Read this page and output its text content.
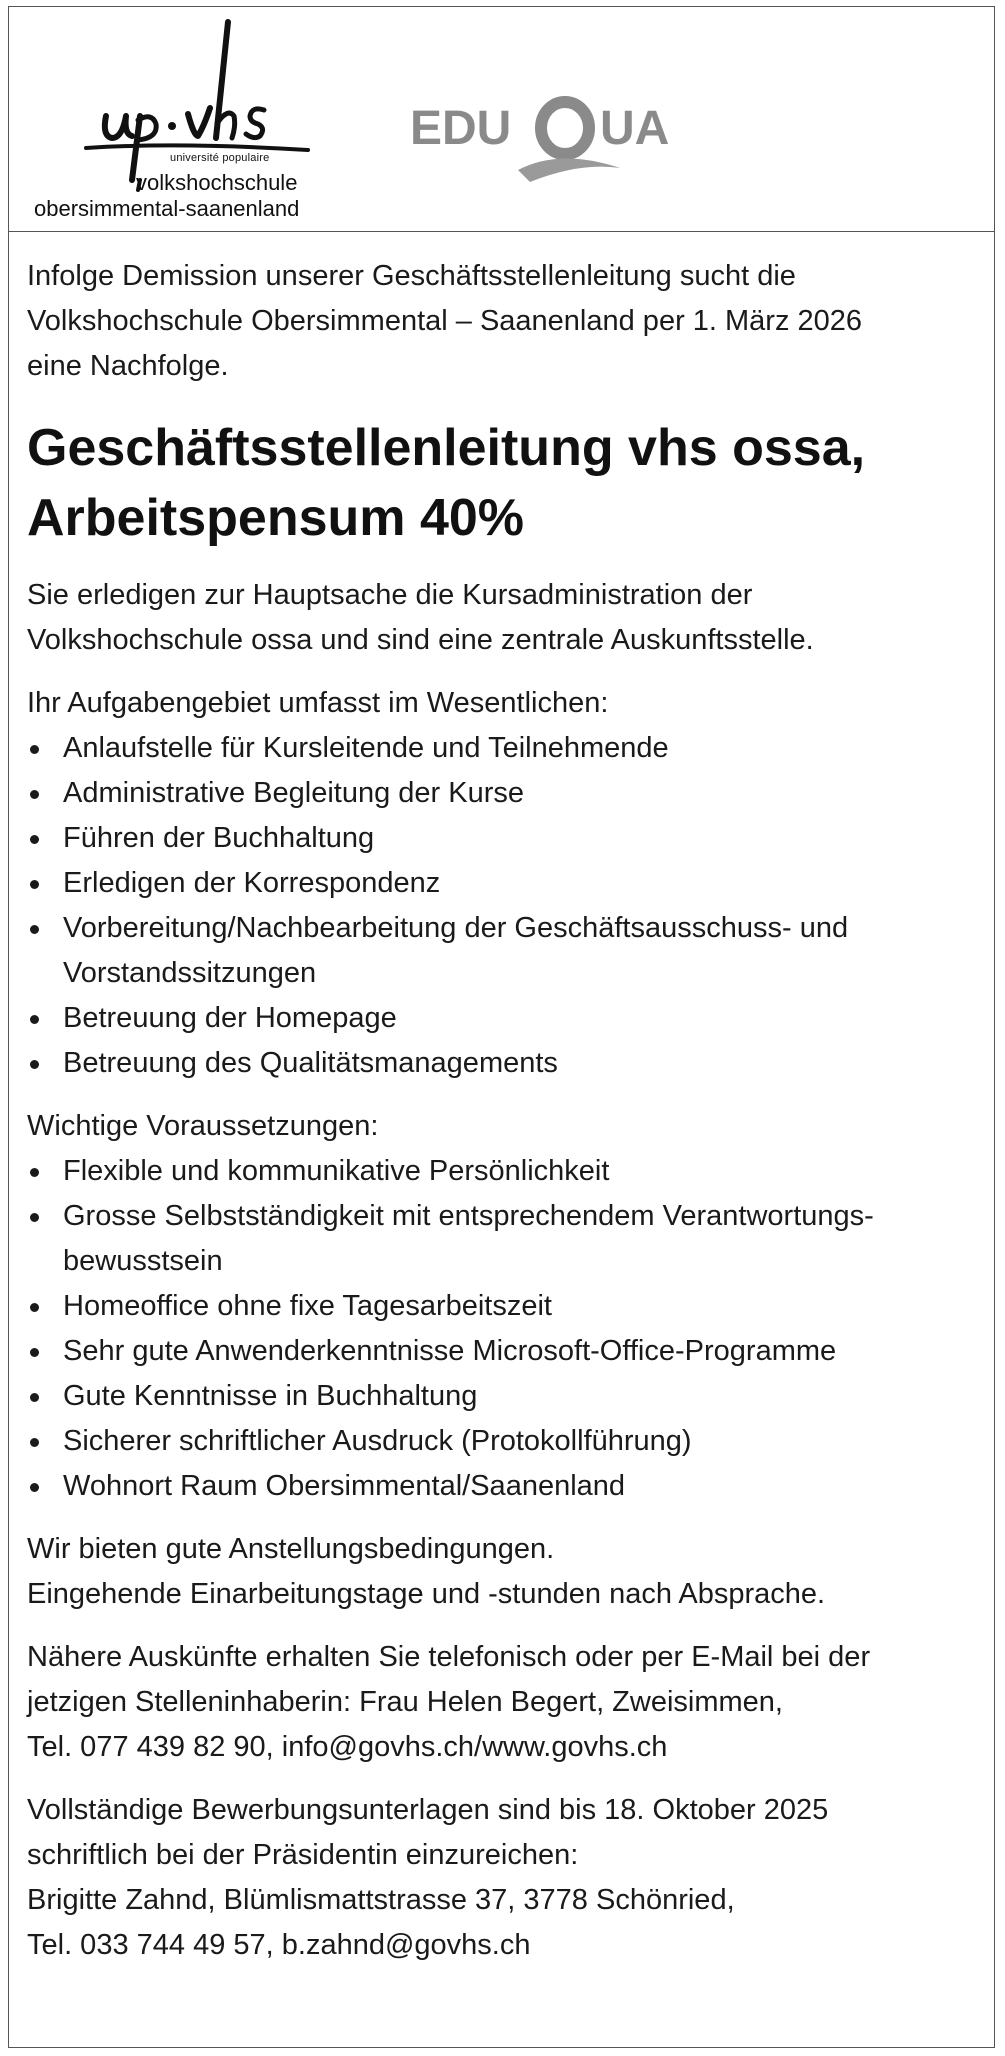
université populaire
volkshochschule
obersimmental-saanenland
EDU UA

Infolge Demission unserer Geschäftsstellenleitung sucht die

Volkshochschule Obersimmental – Saanenland per 1. März 2026

eine Nachfolge.

Geschäftsstellenleitung vhs ossa,
Arbeitspensum 40%

Sie erledigen zur Hauptsache die Kursadministration der

Volkshochschule ossa und sind eine zentrale Auskunftsstelle.

Ihr Aufgabengebiet umfasst im Wesentlichen:

Anlaufstelle für Kursleitende und Teilnehmende
Administrative Begleitung der Kurse
Führen der Buchhaltung
Erledigen der Korrespondenz
Vorbereitung/Nachbearbeitung der Geschäftsausschuss- und Vorstandssitzungen
Betreuung der Homepage
Betreuung des Qualitätsmanagements

Wichtige Voraussetzungen:

Flexible und kommunikative Persönlichkeit
Grosse Selbstständigkeit mit entsprechendem Verantwortungs-bewusstsein
Homeoffice ohne fixe Tagesarbeitszeit
Sehr gute Anwenderkenntnisse Microsoft-Office-Programme
Gute Kenntnisse in Buchhaltung
Sicherer schriftlicher Ausdruck (Protokollführung)
Wohnort Raum Obersimmental/Saanenland

Wir bieten gute Anstellungsbedingungen.

Eingehende Einarbeitungstage und -stunden nach Absprache.

Nähere Auskünfte erhalten Sie telefonisch oder per E-Mail bei der

jetzigen Stelleninhaberin: Frau Helen Begert, Zweisimmen,

Tel. 077 439 82 90, info@govhs.ch/www.govhs.ch

Vollständige Bewerbungsunterlagen sind bis 18. Oktober 2025

schriftlich bei der Präsidentin einzureichen:

Brigitte Zahnd, Blümlismattstrasse 37, 3778 Schönried,

Tel. 033 744 49 57, b.zahnd@govhs.ch
